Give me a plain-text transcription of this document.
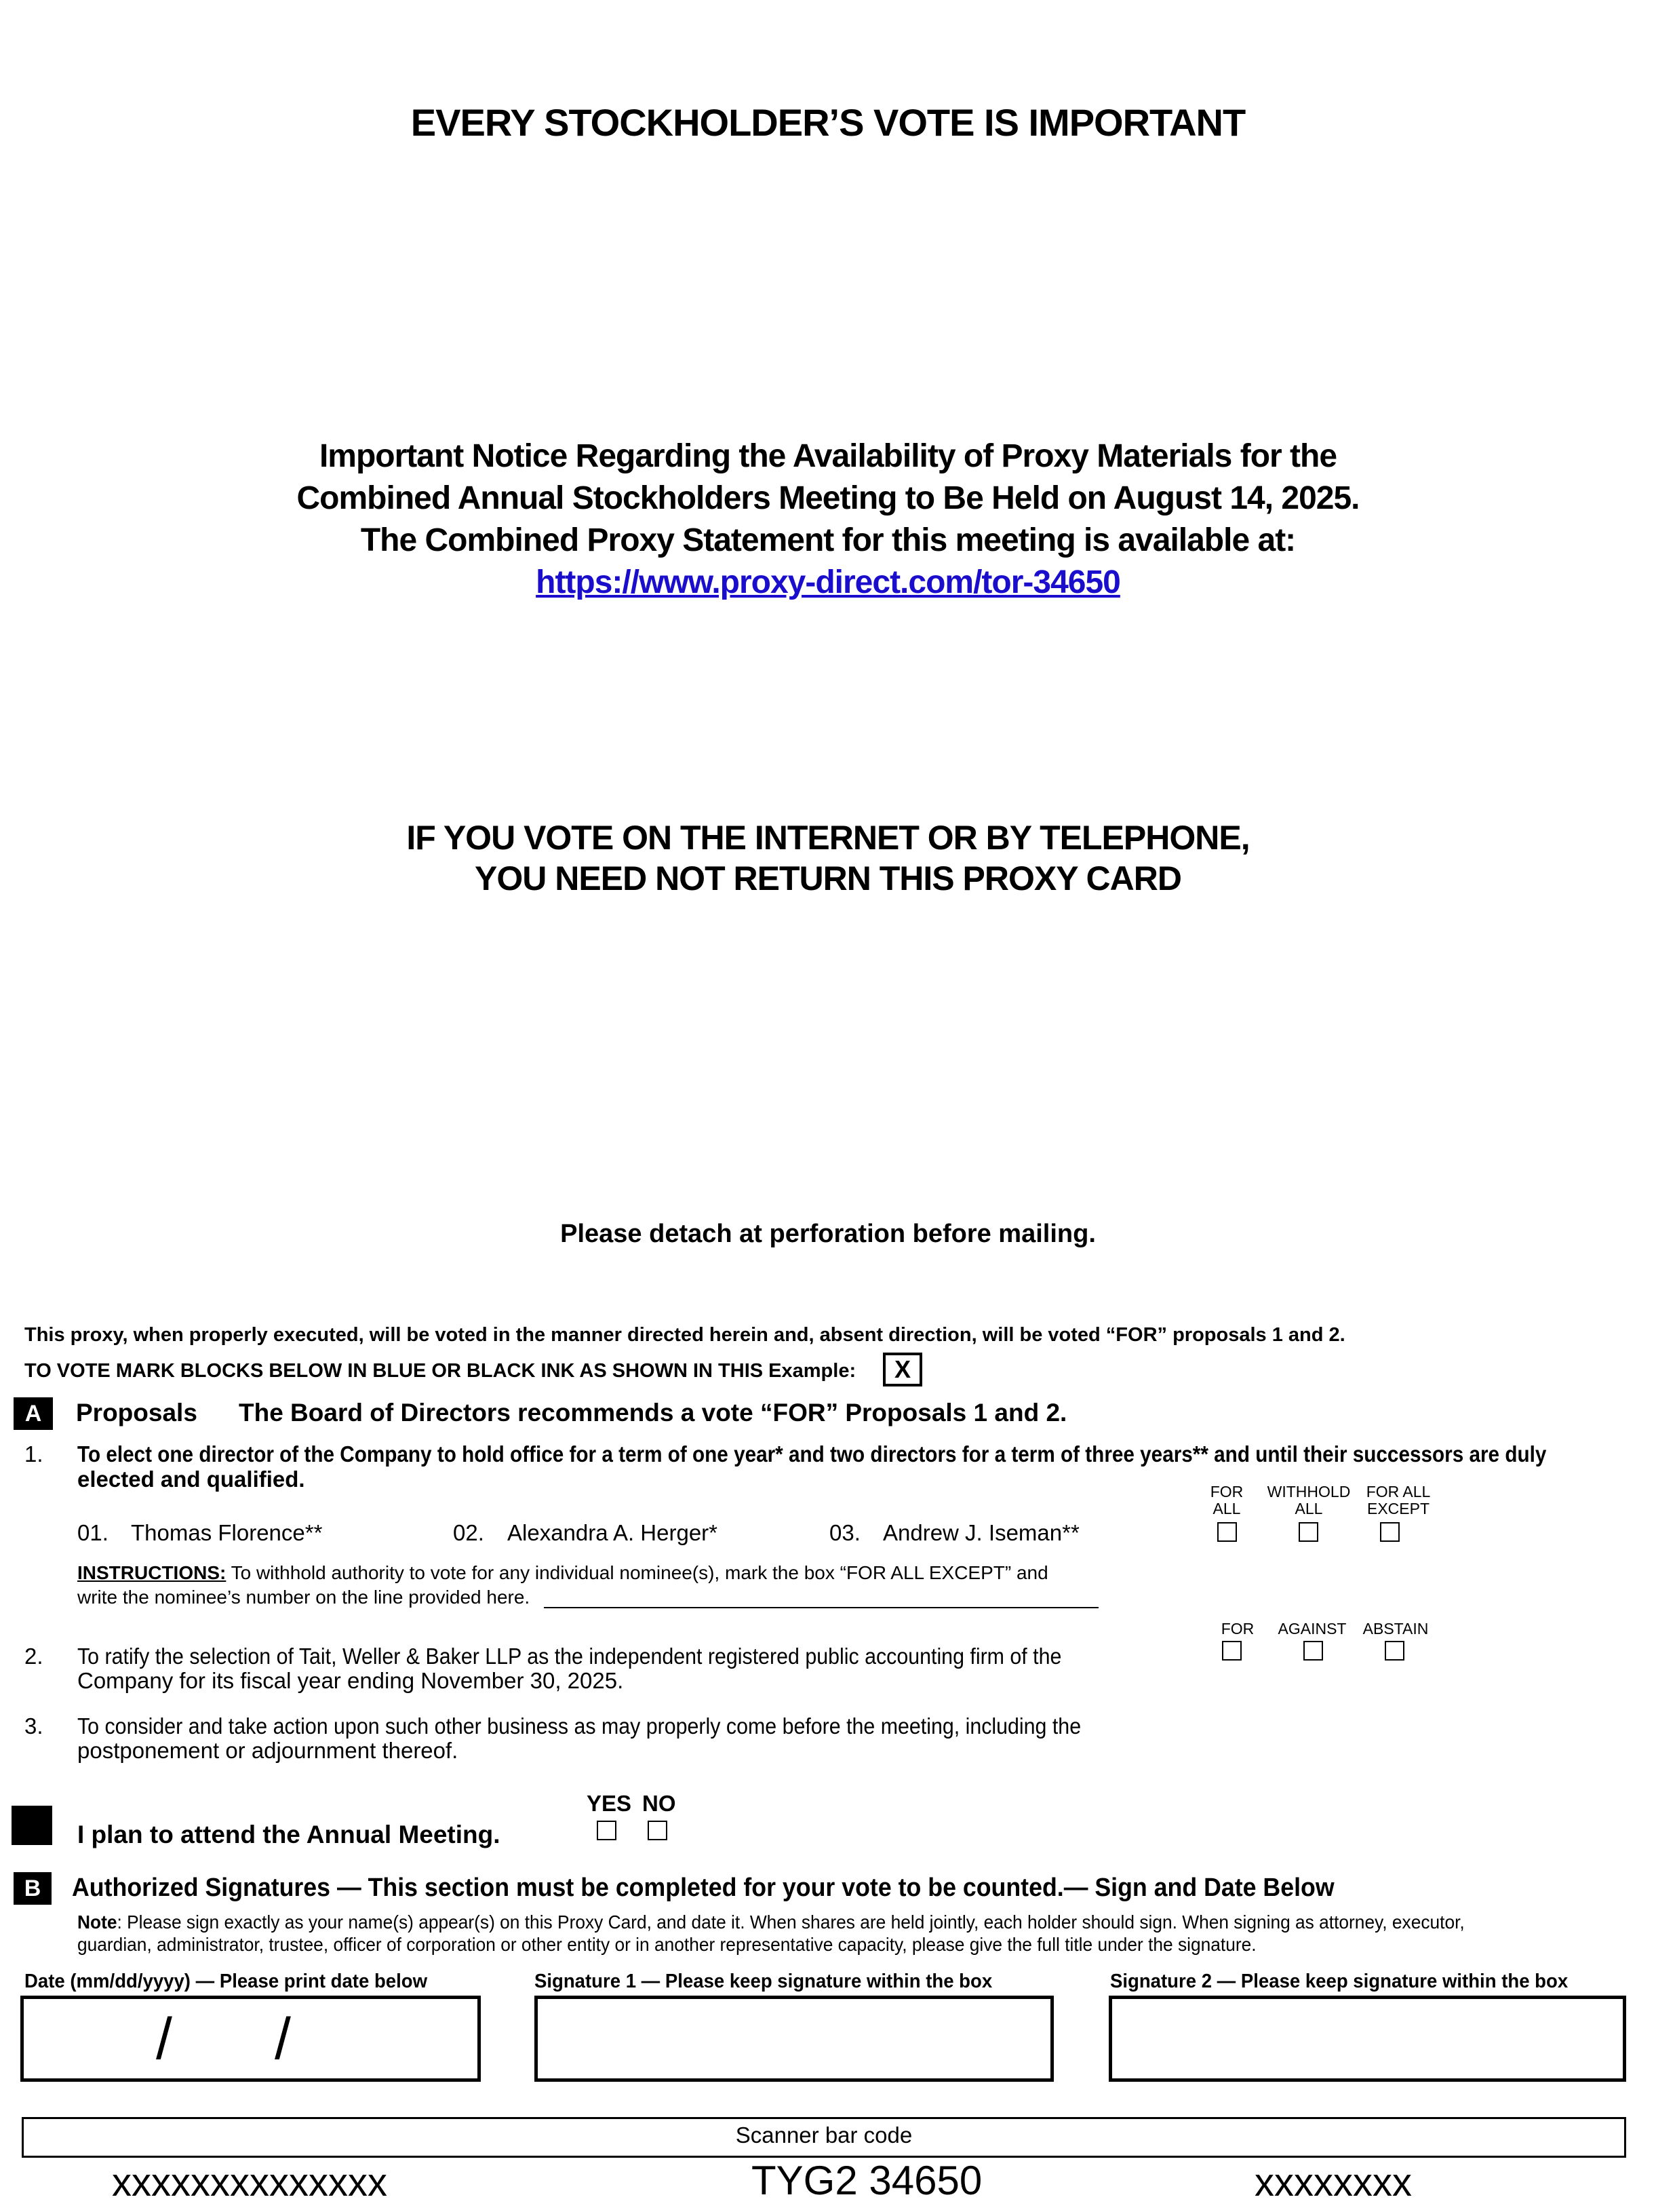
EVERY STOCKHOLDER’S VOTE IS IMPORTANT
Important Notice Regarding the Availability of Proxy Materials for the
Combined Annual Stockholders Meeting to Be Held on August 14, 2025.
The Combined Proxy Statement for this meeting is available at:
https://www.proxy-direct.com/tor-34650
IF YOU VOTE ON THE INTERNET OR BY TELEPHONE,
YOU NEED NOT RETURN THIS PROXY CARD
Please detach at perforation before mailing.
This proxy, when properly executed, will be voted in the manner directed herein and, absent direction, will be voted “FOR” proposals 1 and 2.
TO VOTE MARK BLOCKS BELOW IN BLUE OR BLACK INK AS SHOWN IN THIS Example:	X
A	Proposals The Board of Directors recommends a vote “FOR” Proposals 1 and 2.
1. To elect one director of the Company to hold office for a term of one year* and two directors for a term of three years** and until their successors are duly
elected and qualified.	FOR
ALL
WITHHOLD
ALL
FOR ALL
EXCEPT
01. Thomas Florence**	02. Alexandra A. Herger*	03. Andrew J. Iseman**
INSTRUCTIONS: To withhold authority to vote for any individual nominee(s), mark the box “FOR ALL EXCEPT” and
write the nominee’s number on the line provided here.
FOR	AGAINST	ABSTAIN
2. To ratify the selection of Tait, Weller & Baker LLP as the independent registered public accounting firm of the
Company for its fiscal year ending November 30, 2025.
3. To consider and take action upon such other business as may properly come before the meeting, including the
postponement or adjournment thereof.
YES NO
I plan to attend the Annual Meeting.
B	Authorized Signatures — This section must be completed for your vote to be counted.— Sign and Date Below
Note: Please sign exactly as your name(s) appear(s) on this Proxy Card, and date it. When shares are held jointly, each holder should sign. When signing as attorney, executor,
guardian, administrator, trustee, officer of corporation or other entity or in another representative capacity, please give the full title under the signature.
Date (mm/dd/yyyy) — Please print date below	Signature 1 — Please keep signature within the box	Signature 2 — Please keep signature within the box
/ /
Scanner bar code
xxxxxxxxxxxxxx	TYG2 34650	xxxxxxxx
